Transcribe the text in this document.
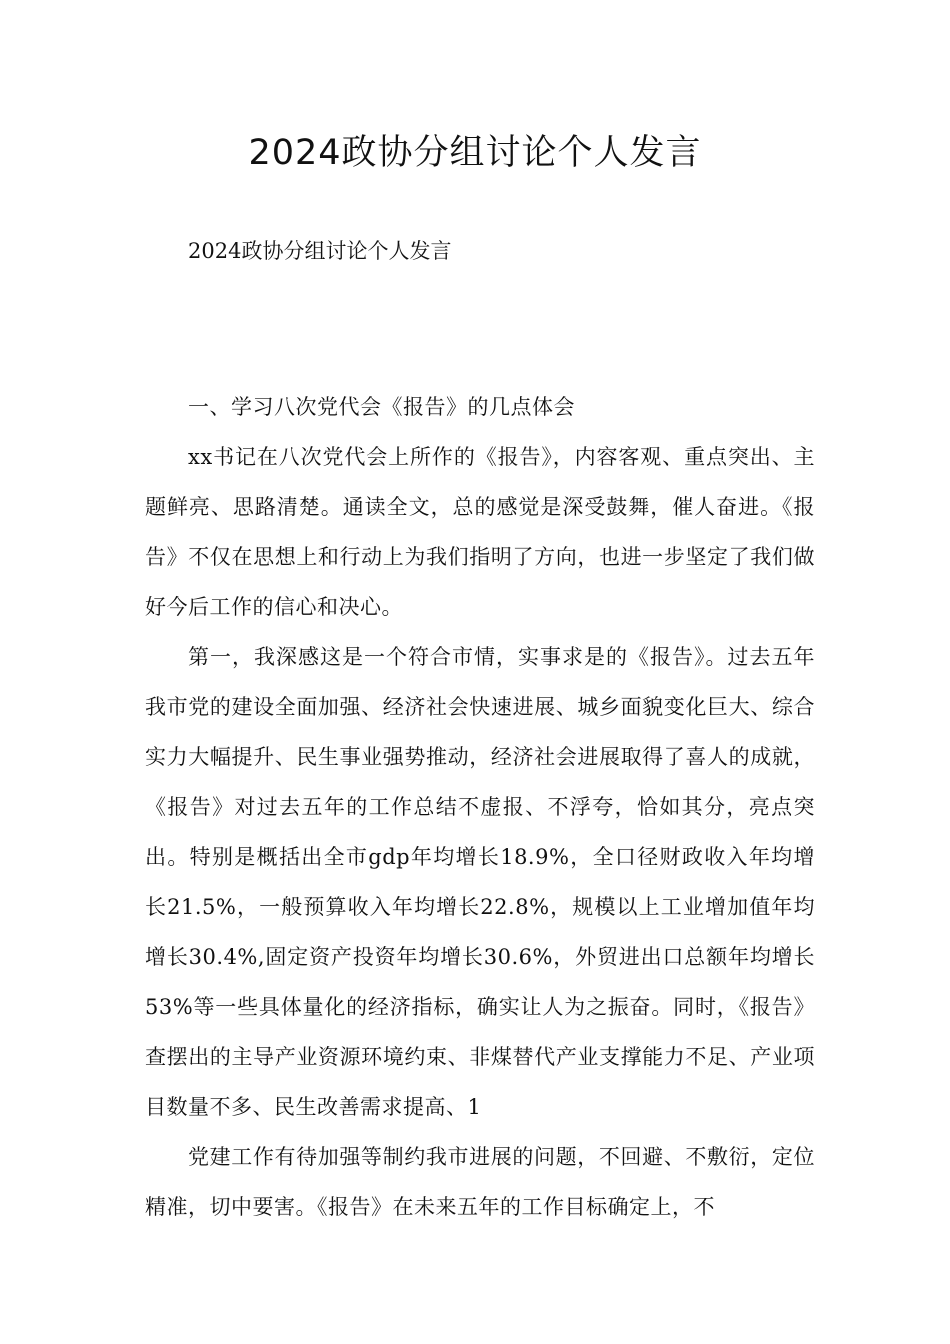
2024政协分组讨论个人发言
2024政协分组讨论个人发言

一、学习八次党代会《报告》的几点体会

xx书记在八次党代会上所作的《报告》，内容客观、重点突出、主题鲜亮、思路清楚。通读全文，总的感觉是深受鼓舞，催人奋进。《报告》不仅在思想上和行动上为我们指明了方向，也进一步坚定了我们做好今后工作的信心和决心。

第一，我深感这是一个符合市情，实事求是的《报告》。过去五年我市党的建设全面加强、经济社会快速进展、城乡面貌变化巨大、综合实力大幅提升、民生事业强势推动，经济社会进展取得了喜人的成就，《报告》对过去五年的工作总结不虚报、不浮夸，恰如其分，亮点突出。特别是概括出全市gdp年均增长18.9%，全口径财政收入年均增长21.5%，一般预算收入年均增长22.8%，规模以上工业增加值年均增长30.4%,固定资产投资年均增长30.6%，外贸进出口总额年均增长53%等一些具体量化的经济指标，确实让人为之振奋。同时，《报告》查摆出的主导产业资源环境约束、非煤替代产业支撑能力不足、产业项目数量不多、民生改善需求提高、1

党建工作有待加强等制约我市进展的问题，不回避、不敷衍，定位精准，切中要害。《报告》在未来五年的工作目标确定上，不
